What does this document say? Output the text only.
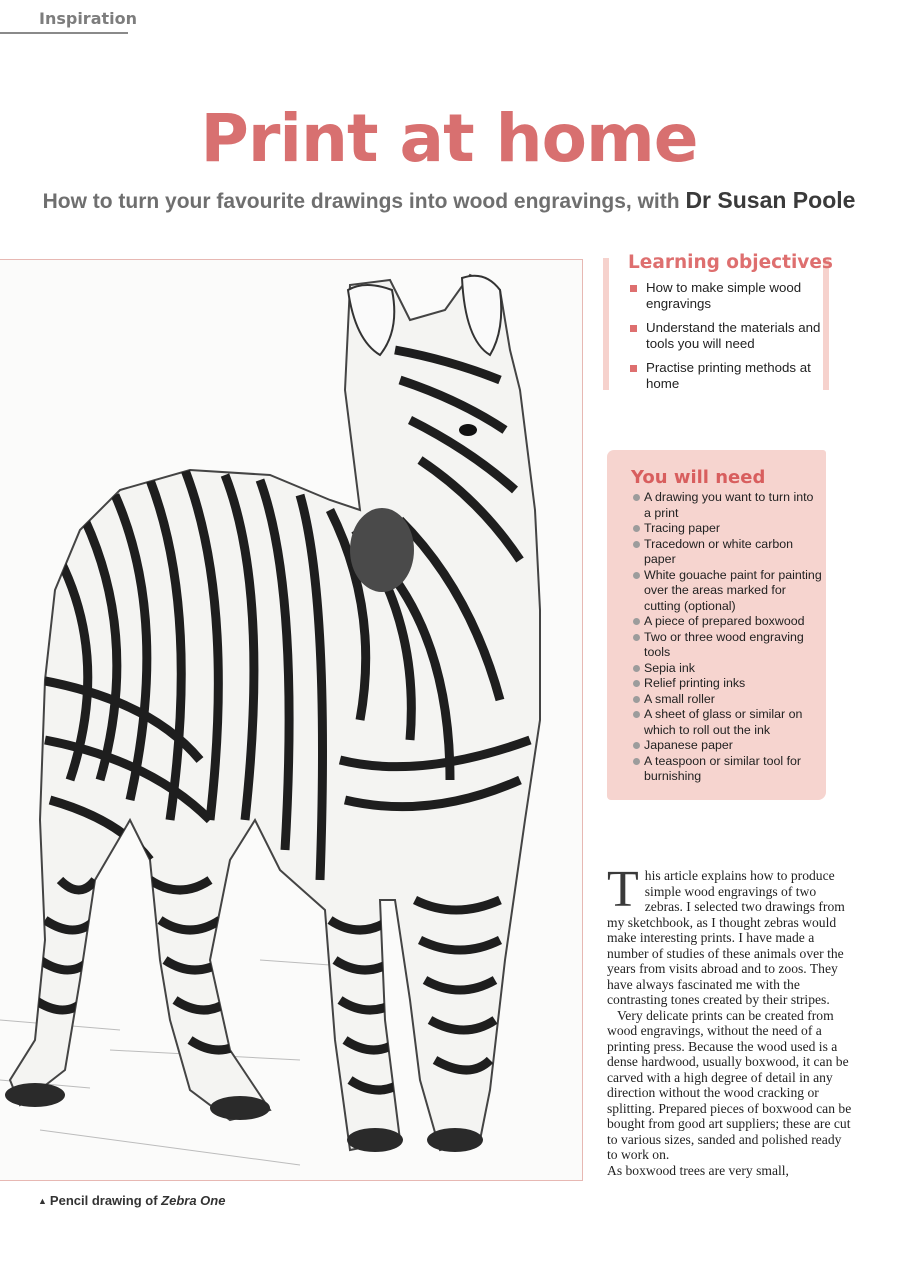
Inspiration
Print at home

How to turn your favourite drawings into wood engravings, with Dr Susan Poole

▲ Pencil drawing of Zebra One
Learning objectives
How to make simple wood engravings
Understand the materials and tools you will need
Practise printing methods at home
You will need
A drawing you want to turn into a print
Tracing paper
Tracedown or white carbon paper
White gouache paint for painting over the areas marked for cutting (optional)
A piece of prepared boxwood
Two or three wood engraving tools
Sepia ink
Relief printing inks
A small roller
A sheet of glass or similar on which to roll out the ink
Japanese paper
A teaspoon or similar tool for burnishing
T his article explains how to produce simple wood engravings of two zebras. I selected two drawings from my sketchbook, as I thought zebras would make interesting prints. I have made a number of studies of these animals over the years from visits abroad and to zoos. They have always fascinated me with the contrasting tones created by their stripes.

Very delicate prints can be created from wood engravings, without the need of a printing press. Because the wood used is a dense hardwood, usually boxwood, it can be carved with a high degree of detail in any direction without the wood cracking or splitting. Prepared pieces of boxwood can be bought from good art suppliers; these are cut to various sizes, sanded and polished ready to work on.

As boxwood trees are very small,
